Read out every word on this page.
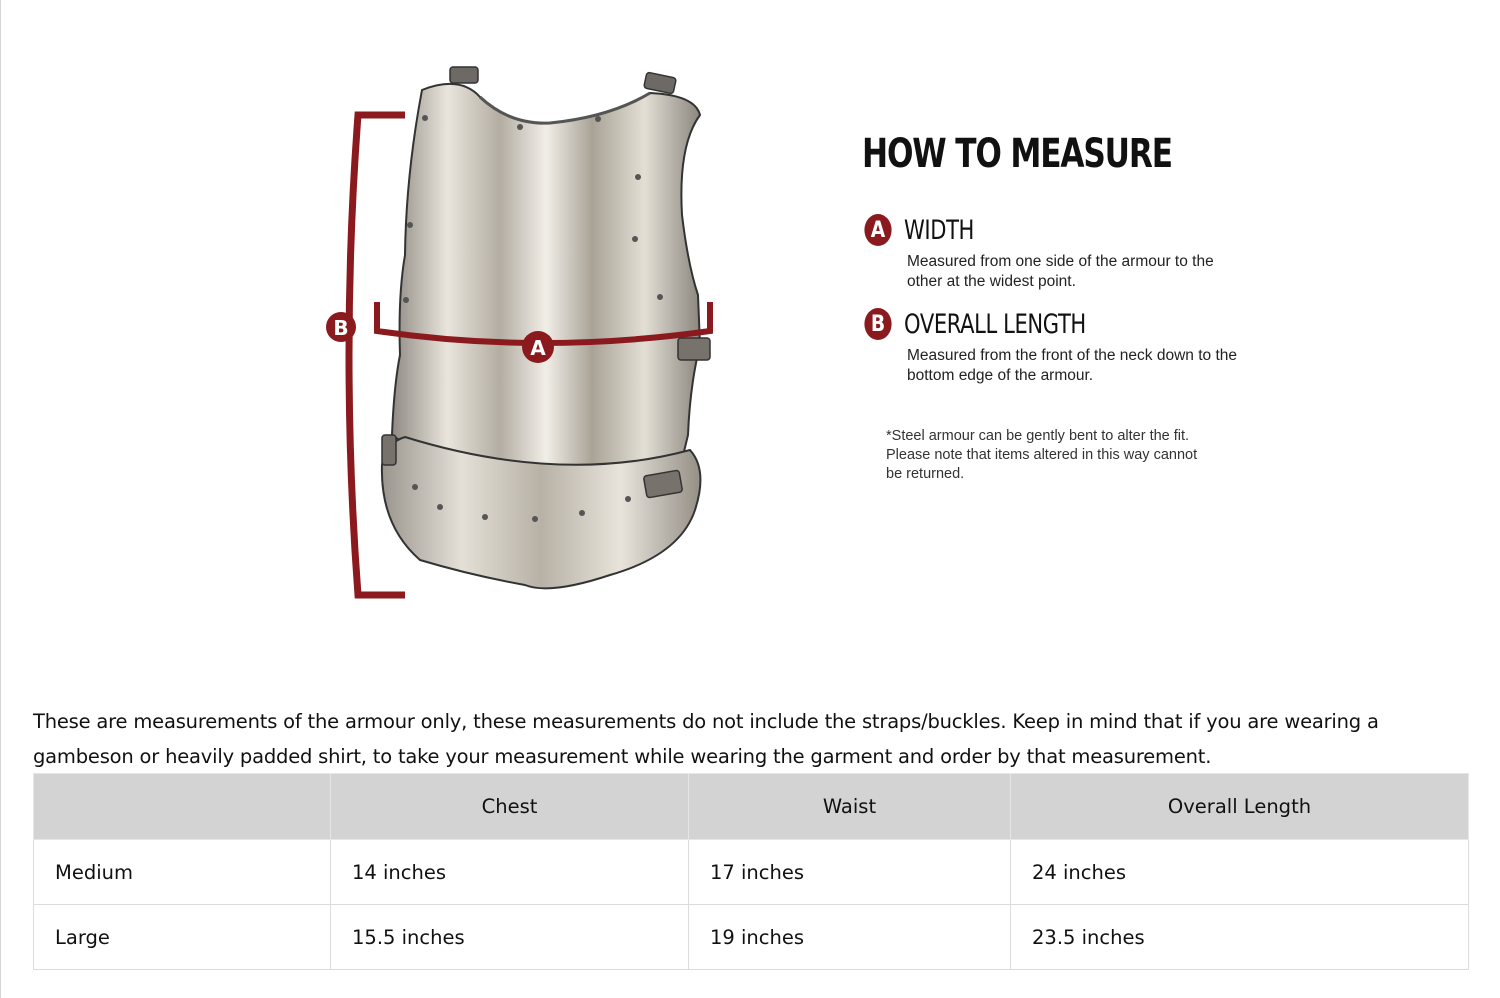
B
A
HOW TO MEASURE
A WIDTH
Measured from one side of the armour to the other at the widest point.
B OVERALL LENGTH
Measured from the front of the neck down to the bottom edge of the armour.
*Steel armour can be gently bent to alter the fit. Please note that items altered in this way cannot be returned.

These are measurements of the armour only, these measurements do not include the straps/buckles. Keep in mind that if you are wearing a gambeson or heavily padded shirt, to take your measurement while wearing the garment and order by that measurement.

	Chest	Waist	Overall Length
Medium	14 inches	17 inches	24 inches
Large	15.5 inches	19 inches	23.5 inches
